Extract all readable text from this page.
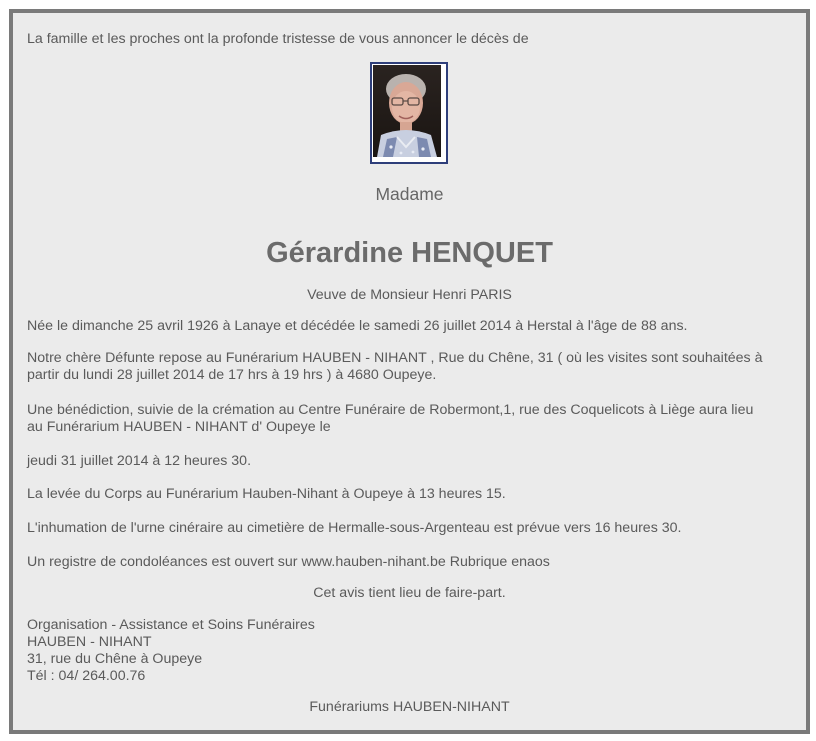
La famille et les proches ont la profonde tristesse de vous annoncer le décès de

Madame
Gérardine HENQUET

Veuve de Monsieur Henri PARIS

Née le dimanche 25 avril 1926 à Lanaye et décédée le samedi 26 juillet 2014 à Herstal à l'âge de 88 ans.

Notre chère Défunte repose au Funérarium HAUBEN - NIHANT , Rue du Chêne, 31 ( où les visites sont souhaitées à

partir du lundi 28 juillet 2014 de 17 hrs à 19 hrs ) à 4680 Oupeye.

Une bénédiction, suivie de la crémation au Centre Funéraire de Robermont,1, rue des Coquelicots à Liège aura lieu

au Funérarium HAUBEN - NIHANT d' Oupeye le

jeudi 31 juillet 2014 à 12 heures 30.

La levée du Corps au Funérarium Hauben-Nihant à Oupeye à 13 heures 15.

L'inhumation de l'urne cinéraire au cimetière de Hermalle-sous-Argenteau est prévue vers 16 heures 30.

Un registre de condoléances est ouvert sur www.hauben-nihant.be Rubrique enaos

Cet avis tient lieu de faire-part.

Organisation - Assistance et Soins Funéraires
HAUBEN - NIHANT
31, rue du Chêne à Oupeye
Tél : 04/ 264.00.76

Funérariums HAUBEN-NIHANT
